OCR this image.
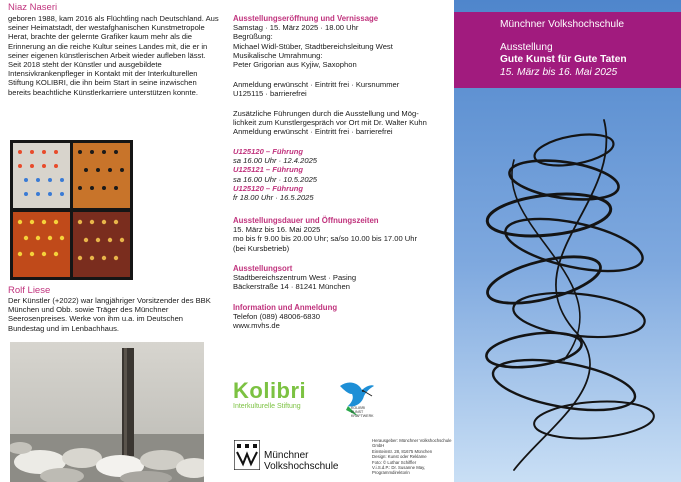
Niaz Naseri

geboren 1988, kam 2016 als Flüchtling nach Deutschland. Aus seiner Heimatstadt, der westafghanischen Kunstmetropole Herat, brachte der gelernte Grafiker kaum mehr als die Erinnerung an die reiche Kultur seines Landes mit, die er in seiner eigenen künstlerischen Arbeit wieder aufleben lässt. Seit 2018 steht der Künstler und ausgebildete Intensivkrankenpfleger in Kontakt mit der Interkulturellen Stiftung KOLIBRI, die ihn beim Start in seine inzwischen bereits beachtliche Künstlerkarriere unterstützen konnte.

Rolf Liese

Der Künstler (+2022) war langjähriger Vorsitzender des BBK München und Obb. sowie Träger des Münchner Seerosenpreises. Werke von ihm u.a. im Deutschen Bundestag und im Lenbachhaus.

Ausstellungseröffnung und Vernissage

Samstag · 15. März 2025 · 18.00 Uhr

Begrüßung:

Michael Widl-Stüber, Stadtbereichsleitung West

Musikalische Umrahmung:

Peter Grigorian aus Kyjiw, Saxophon

Anmeldung erwünscht · Eintritt frei · Kursnummer

U125115 · barrierefrei

Zusätzliche Führungen durch die Ausstellung und Mög-

lichkeit zum Kunstlergespräch vor Ort mit Dr. Walter Kuhn

Anmeldung erwünscht · Eintritt frei · barrierefrei

U125120 – Führung

sa 16.00 Uhr · 12.4.2025

U125121 – Führung

sa 16.00 Uhr · 10.5.2025

U125120 – Führung

fr 18.00 Uhr · 16.5.2025

Ausstellungsdauer und Öffnungszeiten

15. März bis 16. Mai 2025

mo bis fr 9.00 bis 20.00 Uhr; sa/so 10.00 bis 17.00 Uhr

(bei Kursbetrieb)

Ausstellungsort

Stadtbereichszentrum West · Pasing

Bäckerstraße 14 · 81241 München

Information und Anmeldung

Telefon (089) 48006-6830

www.mvhs.de

Kolibri
Interkulturelle Stiftung	KOLIBRI KUNST KRAFTWERK
Münchner
Volkshochschule
Herausgeber: Münchner Volkshochschule GmbH
Einsteinstr. 28, 81675 München
Design: Kunst oder Reklame
Foto: © Lothar Schiffler
V.i.S.d.P.: Dr. Susanne May, Programmdirektorin
Münchner Volkshochschule
Ausstellung
Gute Kunst für Gute Taten
15. März bis 16. Mai 2025
